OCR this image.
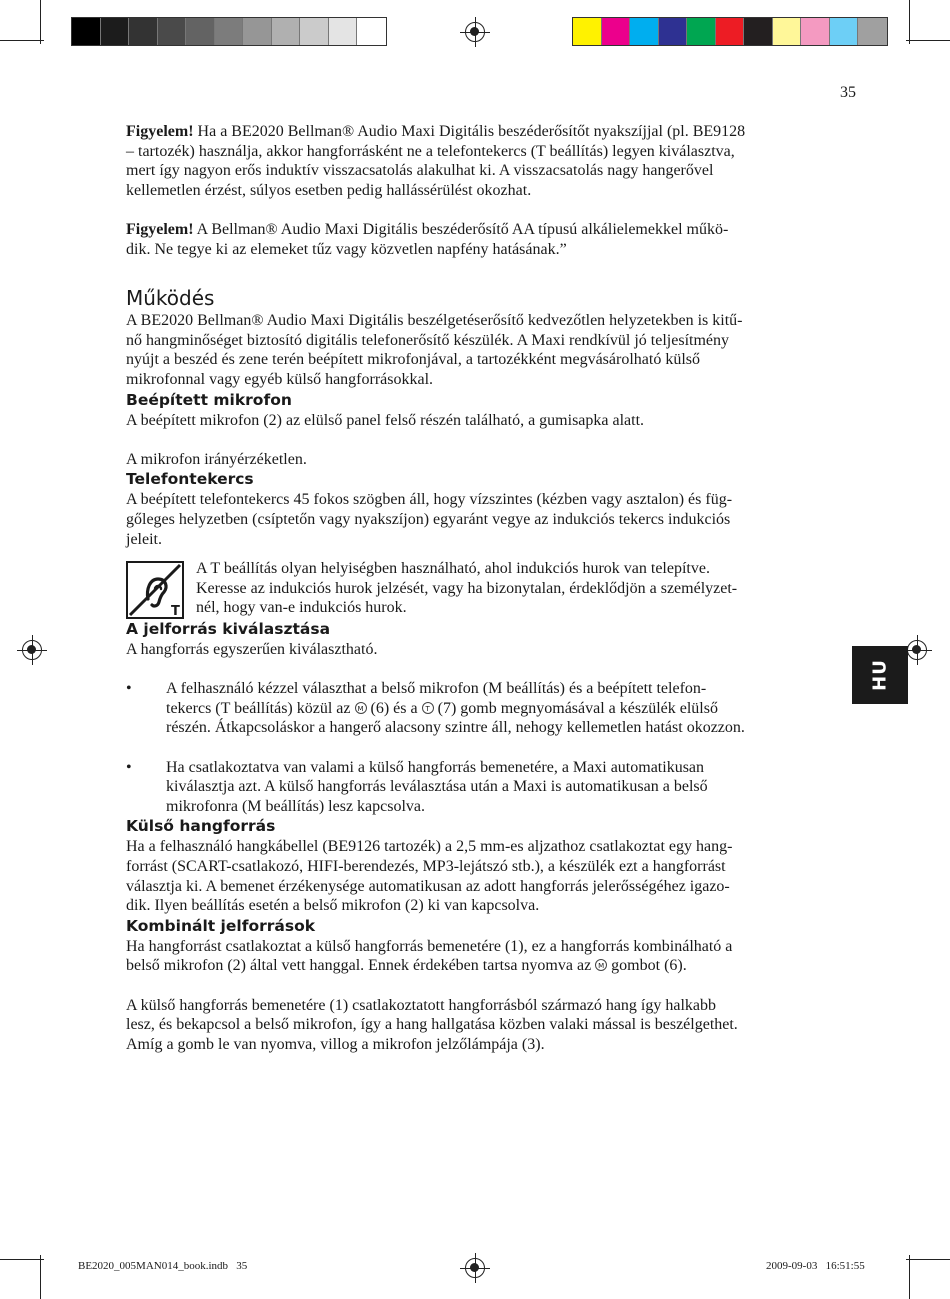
35
HU

Figyelem! Ha a BE2020 Bellman® Audio Maxi Digitális beszéderősítőt nyakszíjjal (pl. BE9128
– tartozék) használja, akkor hangforrásként ne a telefontekercs (T beállítás) legyen kiválasztva,
mert így nagyon erős induktív visszacsatolás alakulhat ki. A visszacsatolás nagy hangerővel
kellemetlen érzést, súlyos esetben pedig hallássérülést okozhat.

Figyelem! A Bellman® Audio Maxi Digitális beszéderősítő AA típusú alkálielemekkel műkö-
dik. Ne tegye ki az elemeket tűz vagy közvetlen napfény hatásának.”

Működés

A BE2020 Bellman® Audio Maxi Digitális beszélgetéserősítő kedvezőtlen helyzetekben is kitű-
nő hangminőséget biztosító digitális telefonerősítő készülék. A Maxi rendkívül jó teljesítmény
nyújt a beszéd és zene terén beépített mikrofonjával, a tartozékként megvásárolható külső
mikrofonnal vagy egyéb külső hangforrásokkal.

Beépített mikrofon

A beépített mikrofon (2) az elülső panel felső részén található, a gumisapka alatt.

A mikrofon irányérzéketlen.

Telefontekercs

A beépített telefontekercs 45 fokos szögben áll, hogy vízszintes (kézben vagy asztalon) és füg-
gőleges helyzetben (csíptetőn vagy nyakszíjon) egyaránt vegye az indukciós tekercs indukciós
jeleit.

T

A T beállítás olyan helyiségben használható, ahol indukciós hurok van telepítve.
Keresse az indukciós hurok jelzését, vagy ha bizonytalan, érdeklődjön a személyzet-
nél, hogy van-e indukciós hurok.

A jelforrás kiválasztása

A hangforrás egyszerűen kiválasztható.

• A felhasználó kézzel választhat a belső mikrofon (M beállítás) és a beépített telefon-
tekercs (T beállítás) közül az M (6) és a T (7) gomb megnyomásával a készülék elülső
részén. Átkapcsoláskor a hangerő alacsony szintre áll, nehogy kellemetlen hatást okozzon.
• Ha csatlakoztatva van valami a külső hangforrás bemenetére, a Maxi automatikusan
kiválasztja azt. A külső hangforrás leválasztása után a Maxi is automatikusan a belső
mikrofonra (M beállítás) lesz kapcsolva.
Külső hangforrás

Ha a felhasználó hangkábellel (BE9126 tartozék) a 2,5 mm-es aljzathoz csatlakoztat egy hang-
forrást (SCART-csatlakozó, HIFI-berendezés, MP3-lejátszó stb.), a készülék ezt a hangforrást
választja ki. A bemenet érzékenysége automatikusan az adott hangforrás jelerősségéhez igazo-
dik. Ilyen beállítás esetén a belső mikrofon (2) ki van kapcsolva.

Kombinált jelforrások

Ha hangforrást csatlakoztat a külső hangforrás bemenetére (1), ez a hangforrás kombinálható a
belső mikrofon (2) által vett hanggal. Ennek érdekében tartsa nyomva az M gombot (6).

A külső hangforrás bemenetére (1) csatlakoztatott hangforrásból származó hang így halkabb
lesz, és bekapcsol a belső mikrofon, így a hang hallgatása közben valaki mással is beszélgethet.
Amíg a gomb le van nyomva, villog a mikrofon jelzőlámpája (3).

BE2020_005MAN014_book.indb   35	2009-09-03   16:51:55
